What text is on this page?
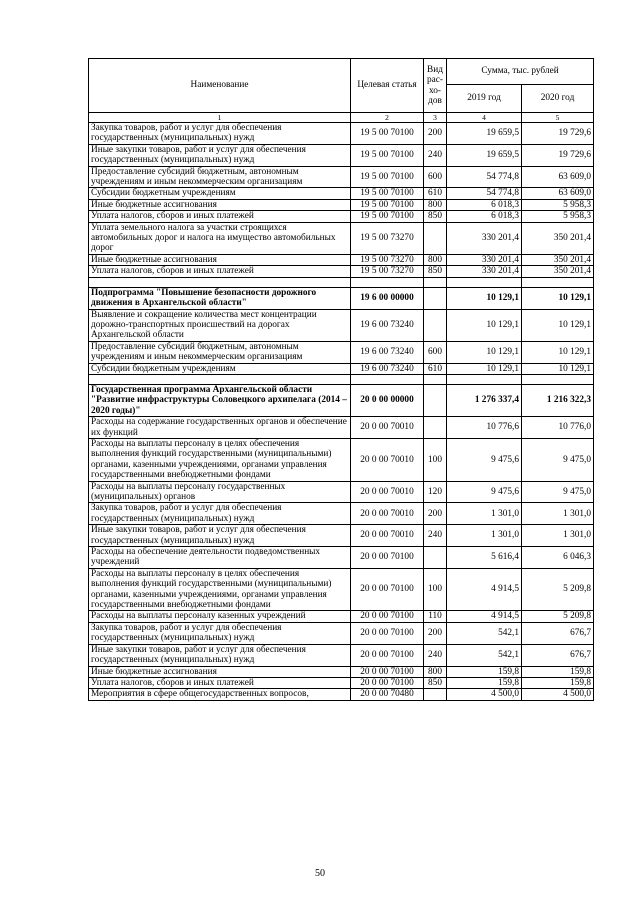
Наименование	Целевая статья	Вид рас-хо-дов	Сумма, тыс. рублей	
			2019 год	2020 год
1	2	3	4	5
Закупка товаров, работ и услуг для обеспечения государственных (муниципальных) нужд	19 5 00 70100	200	19 659,5	19 729,6
Иные закупки товаров, работ и услуг для обеспечения государственных (муниципальных) нужд	19 5 00 70100	240	19 659,5	19 729,6
Предоставление субсидий бюджетным, автономным учреждениям и иным некоммерческим организациям	19 5 00 70100	600	54 774,8	63 609,0
Субсидии бюджетным учреждениям	19 5 00 70100	610	54 774,8	63 609,0
Иные бюджетные ассигнования	19 5 00 70100	800	6 018,3	5 958,3
Уплата налогов, сборов и иных платежей	19 5 00 70100	850	6 018,3	5 958,3
Уплата земельного налога за участки строящихся автомобильных дорог и налога на имущество автомобильных дорог	19 5 00 73270		330 201,4	350 201,4
Иные бюджетные ассигнования	19 5 00 73270	800	330 201,4	350 201,4
Уплата налогов, сборов и иных платежей	19 5 00 73270	850	330 201,4	350 201,4

Подпрограмма "Повышение безопасности дорожного движения в Архангельской области"	19 6 00 00000		10 129,1	10 129,1
Выявление и сокращение количества мест концентрации дорожно-транспортных происшествий на дорогах Архангельской области	19 6 00 73240		10 129,1	10 129,1
Предоставление субсидий бюджетным, автономным учреждениям и иным некоммерческим организациям	19 6 00 73240	600	10 129,1	10 129,1
Субсидии бюджетным учреждениям	19 6 00 73240	610	10 129,1	10 129,1

Государственная программа Архангельской области "Развитие инфраструктуры Соловецкого архипелага (2014 – 2020 годы)"	20 0 00 00000		1 276 337,4	1 216 322,3
Расходы на содержание государственных органов и обеспечение их функций	20 0 00 70010		10 776,6	10 776,0
Расходы на выплаты персоналу в целях обеспечения выполнения функций государственными (муниципальными) органами, казенными учреждениями, органами управления государственными внебюджетными фондами	20 0 00 70010	100	9 475,6	9 475,0
Расходы на выплаты персоналу государственных (муниципальных) органов	20 0 00 70010	120	9 475,6	9 475,0
Закупка товаров, работ и услуг для обеспечения государственных (муниципальных) нужд	20 0 00 70010	200	1 301,0	1 301,0
Иные закупки товаров, работ и услуг для обеспечения государственных (муниципальных) нужд	20 0 00 70010	240	1 301,0	1 301,0
Расходы на обеспечение деятельности подведомственных учреждений	20 0 00 70100		5 616,4	6 046,3
Расходы на выплаты персоналу в целях обеспечения выполнения функций государственными (муниципальными) органами, казенными учреждениями, органами управления государственными внебюджетными фондами	20 0 00 70100	100	4 914,5	5 209,8
Расходы на выплаты персоналу казенных учреждений	20 0 00 70100	110	4 914,5	5 209,8
Закупка товаров, работ и услуг для обеспечения государственных (муниципальных) нужд	20 0 00 70100	200	542,1	676,7
Иные закупки товаров, работ и услуг для обеспечения государственных (муниципальных) нужд	20 0 00 70100	240	542,1	676,7
Иные бюджетные ассигнования	20 0 00 70100	800	159,8	159,8
Уплата налогов, сборов и иных платежей	20 0 00 70100	850	159,8	159,8
Мероприятия в сфере общегосударственных вопросов,	20 0 00 70480		4 500,0	4 500,0
50
